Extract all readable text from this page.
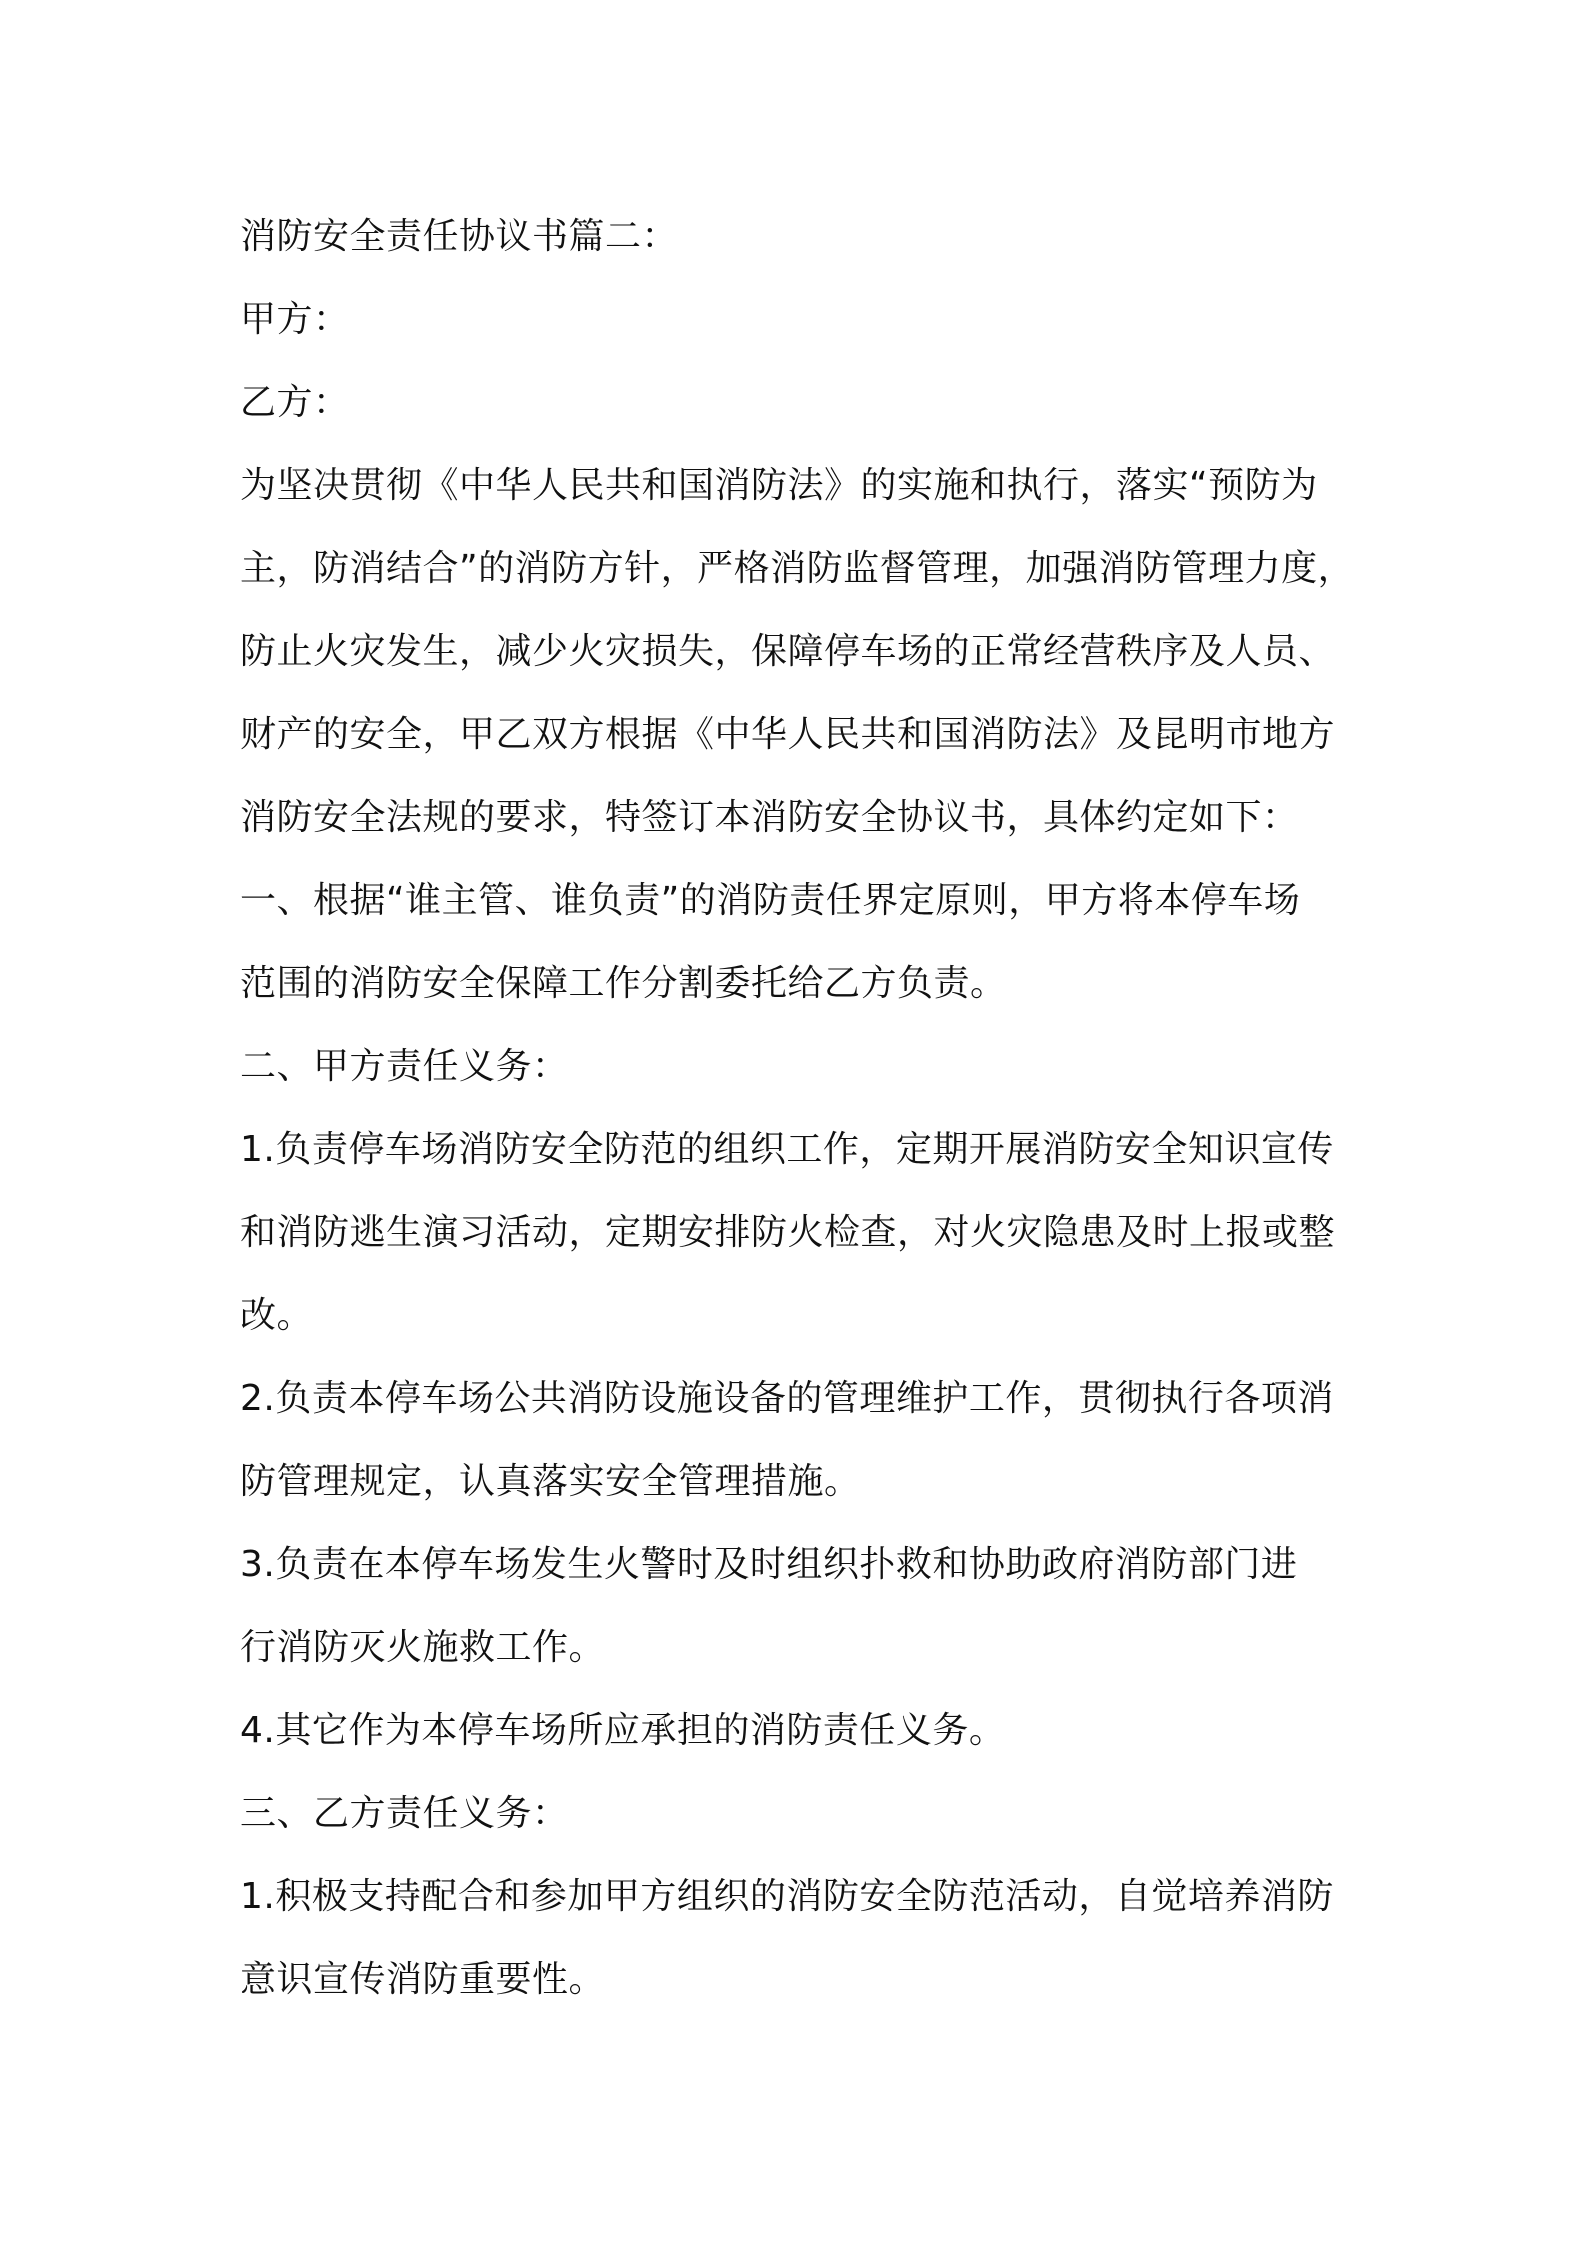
消防安全责任协议书篇二：
甲方：
乙方：
为坚决贯彻《中华人民共和国消防法》的实施和执行，落实“预防为
主，防消结合”的消防方针，严格消防监督管理，加强消防管理力度，
防止火灾发生，减少火灾损失，保障停车场的正常经营秩序及人员、
财产的安全，甲乙双方根据《中华人民共和国消防法》及昆明市地方
消防安全法规的要求，特签订本消防安全协议书，具体约定如下：
一、根据“谁主管、谁负责”的消防责任界定原则，甲方将本停车场
范围的消防安全保障工作分割委托给乙方负责。
二、甲方责任义务：
1.负责停车场消防安全防范的组织工作，定期开展消防安全知识宣传
和消防逃生演习活动，定期安排防火检查，对火灾隐患及时上报或整
改。
2.负责本停车场公共消防设施设备的管理维护工作，贯彻执行各项消
防管理规定，认真落实安全管理措施。
3.负责在本停车场发生火警时及时组织扑救和协助政府消防部门进
行消防灭火施救工作。
4.其它作为本停车场所应承担的消防责任义务。
三、乙方责任义务：
1.积极支持配合和参加甲方组织的消防安全防范活动，自觉培养消防
意识宣传消防重要性。
